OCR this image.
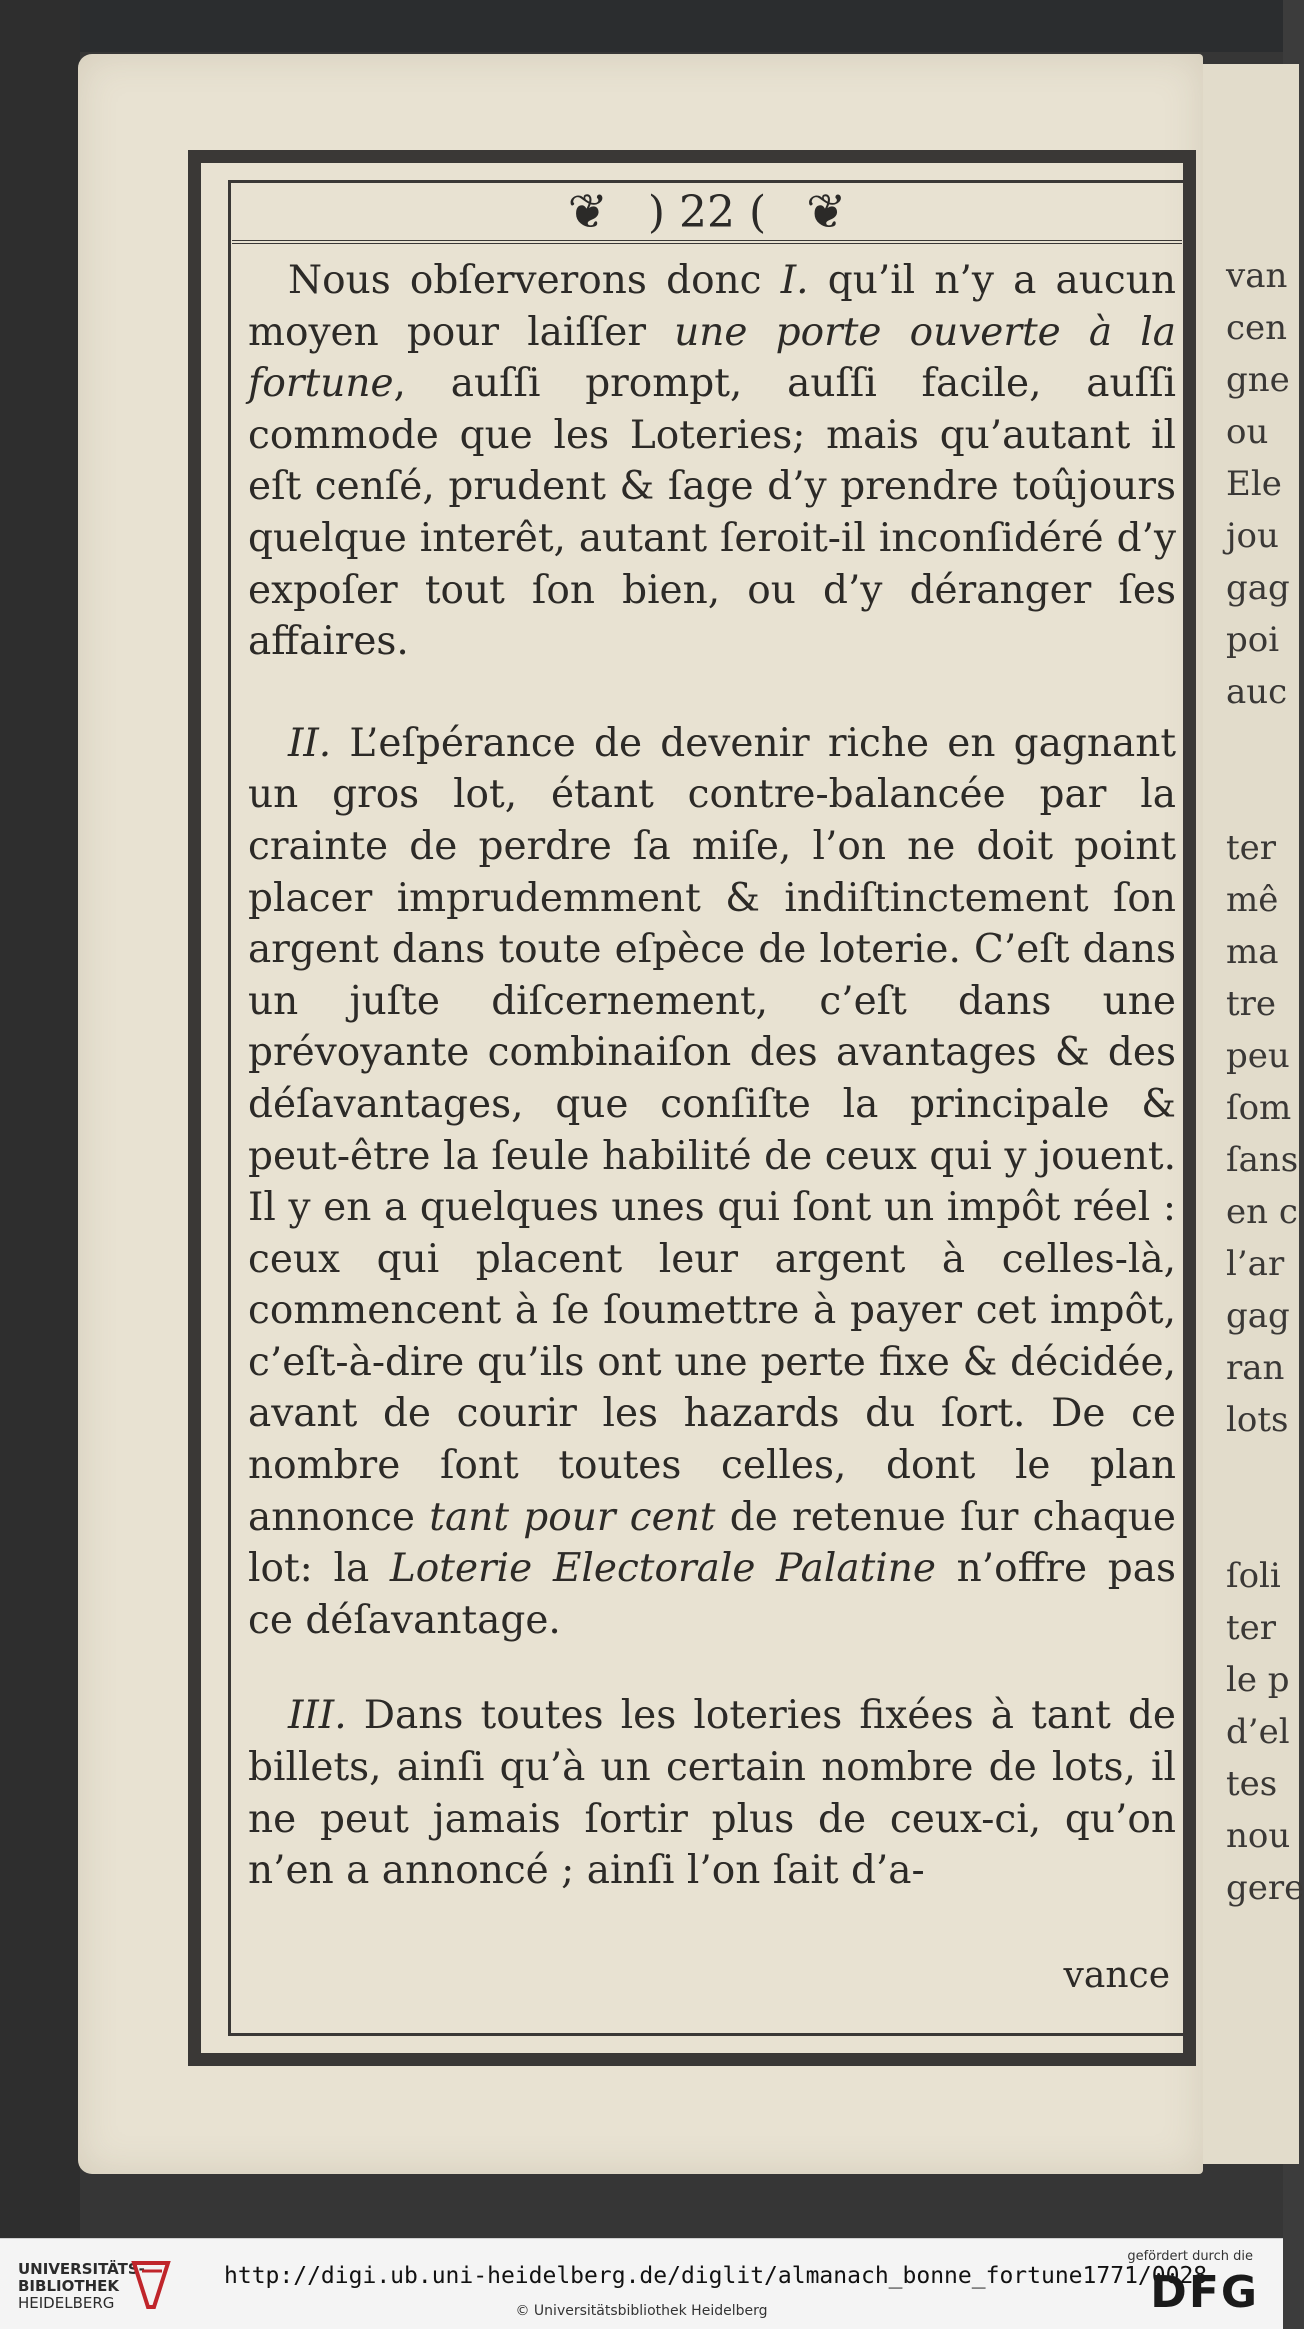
❦ ) 22 ( ❦

Nous obſerverons donc I. qu’il n’y a aucun moyen pour laiſſer une porte ouverte à la fortune, auſſi prompt, auſſi facile, auſſi commode que les Loteries; mais qu’autant il eſt cenſé, prudent & ſage d’y prendre toûjours quelque interêt, autant ſeroit-il inconſidéré d’y expoſer tout ſon bien, ou d’y déranger ſes affaires.

II. L’eſpérance de devenir riche en gagnant un gros lot, étant contre-balancée par la crainte de perdre ſa miſe, l’on ne doit point placer imprudemment & indiſtinctement ſon argent dans toute eſpèce de loterie. C’eſt dans un juſte diſcernement, c’eſt dans une prévoyante combinaiſon des avantages & des déſavantages, que conſiſte la principale & peut-être la ſeule habilité de ceux qui y jouent. Il y en a quelques unes qui ſont un impôt réel : ceux qui placent leur argent à celles-là, commencent à ſe ſoumettre à payer cet impôt, c’eſt-à-dire qu’ils ont une perte fixe & décidée, avant de courir les hazards du ſort. De ce nombre ſont toutes celles, dont le plan annonce tant pour cent de retenue ſur chaque lot: la Loterie Electorale Palatine n’offre pas ce déſavantage.

III. Dans toutes les loteries fixées à tant de billets, ainſi qu’à un certain nombre de lots, il ne peut jamais ſortir plus de ceux-ci, qu’on n’en a annoncé ; ainſi l’on ſait d’a-

vance
van
cen
gne
ou
Ele
jou
gag
poi
auc

ter
mê
ma
tre
peu
ſom
ſans
en c
l’ar
gag
ran
lots

ſoli
ter
le p
d’el
tes
nou
gere
UNIVERSITÄTS-
BIBLIOTHEK
HEIDELBERG
http://digi.ub.uni-heidelberg.de/diglit/almanach_bonne_fortune1771/0028
© Universitätsbibliothek Heidelberg
gefördert durch die
DFG
